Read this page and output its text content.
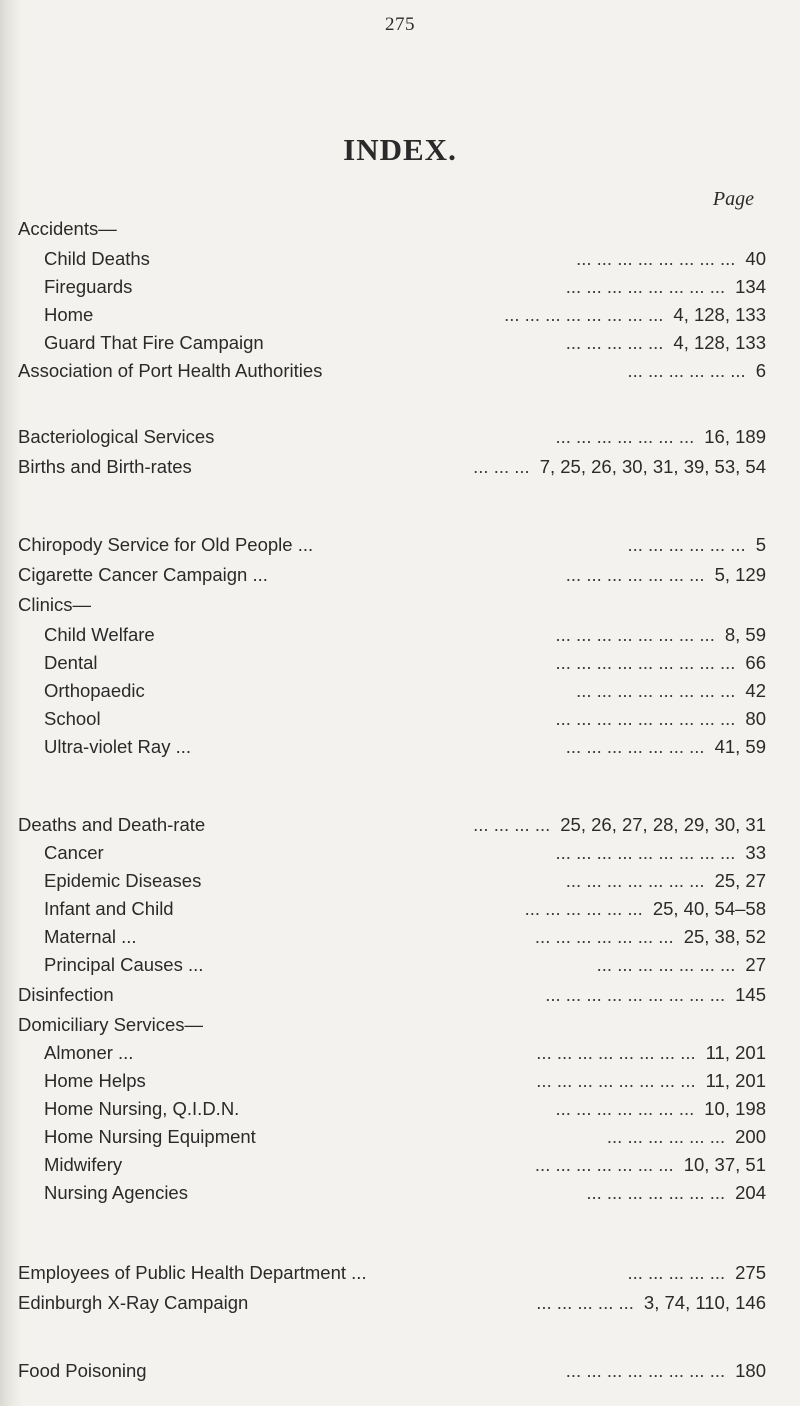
275
INDEX.
Page
Accidents—
Child Deaths	... ... ... ... ... ... ... ... 40
Fireguards	... ... ... ... ... ... ... ... 134
Home	... ... ... ... ... ... ... ... 4, 128, 133
Guard That Fire Campaign	... ... ... ... ... 4, 128, 133
Association of Port Health Authorities	... ... ... ... ... ... 6
Bacteriological Services	... ... ... ... ... ... ... 16, 189
Births and Birth-rates	... ... ... 7, 25, 26, 30, 31, 39, 53, 54
Chiropody Service for Old People ...	... ... ... ... ... ... 5
Cigarette Cancer Campaign ...	... ... ... ... ... ... ... 5, 129
Clinics—
Child Welfare	... ... ... ... ... ... ... ... 8, 59
Dental	... ... ... ... ... ... ... ... ... 66
Orthopaedic	... ... ... ... ... ... ... ... 42
School	... ... ... ... ... ... ... ... ... 80
Ultra-violet Ray ...	... ... ... ... ... ... ... 41, 59
Deaths and Death-rate	... ... ... ... 25, 26, 27, 28, 29, 30, 31
Cancer	... ... ... ... ... ... ... ... ... 33
Epidemic Diseases	... ... ... ... ... ... ... 25, 27
Infant and Child	... ... ... ... ... ... 25, 40, 54–58
Maternal ...	... ... ... ... ... ... ... 25, 38, 52
Principal Causes ...	... ... ... ... ... ... ... 27
Disinfection	... ... ... ... ... ... ... ... ... 145
Domiciliary Services—
Almoner ...	... ... ... ... ... ... ... ... 11, 201
Home Helps	... ... ... ... ... ... ... ... 11, 201
Home Nursing, Q.I.D.N.	... ... ... ... ... ... ... 10, 198
Home Nursing Equipment	... ... ... ... ... ... 200
Midwifery	... ... ... ... ... ... ... 10, 37, 51
Nursing Agencies	... ... ... ... ... ... ... 204
Employees of Public Health Department ...	... ... ... ... ... 275
Edinburgh X-Ray Campaign	... ... ... ... ... 3, 74, 110, 146
Food Poisoning	... ... ... ... ... ... ... ... 180
